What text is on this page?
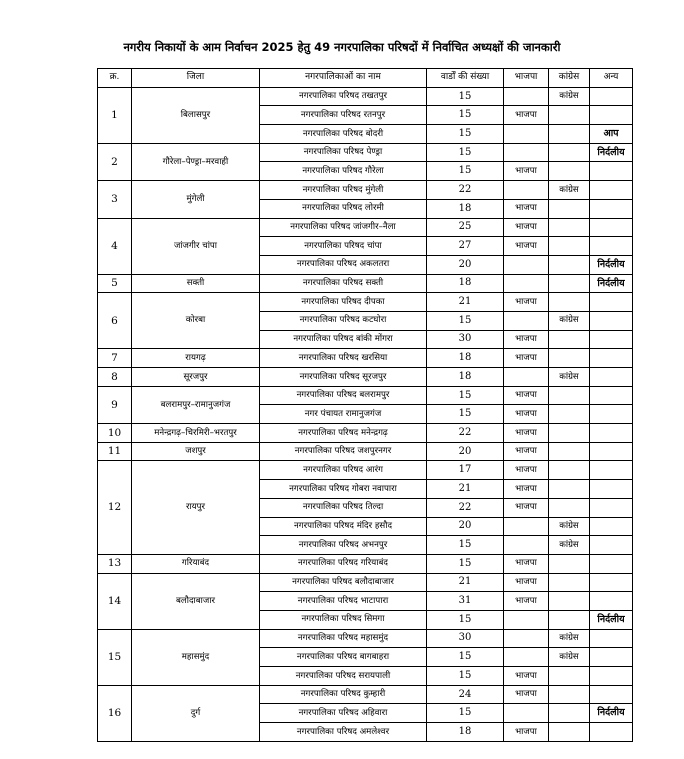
नगरीय निकायों के आम निर्वाचन 2025 हेतु 49 नगरपालिका परिषदों में निर्वाचित अध्यक्षों की जानकारी
क्र.	जिला	नगरपालिकाओं का नाम	वार्डों की संख्या	भाजपा	कांग्रेस	अन्य
1	बिलासपुर	नगरपालिका परिषद तखतपुर	15		कांग्रेस	
		नगरपालिका परिषद रतनपुर	15	भाजपा		
		नगरपालिका परिषद बोदरी	15			आप
2	गौरेला–पेण्ड्रा–मरवाही	नगरपालिका परिषद पेण्ड्रा	15			निर्दलीय
		नगरपालिका परिषद गौरेला	15	भाजपा		
3	मुंगेली	नगरपालिका परिषद मुंगेली	22		कांग्रेस	
		नगरपालिका परिषद लोरमी	18	भाजपा		
4	जांजगीर चांपा	नगरपालिका परिषद जांजगीर–नैला	25	भाजपा		
		नगरपालिका परिषद चांपा	27	भाजपा		
		नगरपालिका परिषद अकलतरा	20			निर्दलीय
5	सक्ती	नगरपालिका परिषद सक्ती	18			निर्दलीय
6	कोरबा	नगरपालिका परिषद दीपका	21	भाजपा		
		नगरपालिका परिषद कटघोरा	15		कांग्रेस	
		नगरपालिका परिषद बांकी मोंगरा	30	भाजपा		
7	रायगढ़	नगरपालिका परिषद खरसिया	18	भाजपा		
8	सूरजपुर	नगरपालिका परिषद सूरजपुर	18		कांग्रेस	
9	बलरामपुर–रामानुजगंज	नगरपालिका परिषद बलरामपुर	15	भाजपा		
		नगर पंचायत रामानुजगंज	15	भाजपा		
10	मनेन्द्रगढ़–चिरमिरी–भरतपुर	नगरपालिका परिषद मनेन्द्रगढ़	22	भाजपा		
11	जशपुर	नगरपालिका परिषद जशपुरनगर	20	भाजपा		
12	रायपुर	नगरपालिका परिषद आरंग	17	भाजपा		
		नगरपालिका परिषद गोबरा नवापारा	21	भाजपा		
		नगरपालिका परिषद तिल्दा	22	भाजपा		
		नगरपालिका परिषद मंदिर हसौद	20		कांग्रेस	
		नगरपालिका परिषद अभनपुर	15		कांग्रेस	
13	गरियाबंद	नगरपालिका परिषद गरियाबंद	15	भाजपा		
14	बलौदाबाजार	नगरपालिका परिषद बलौदाबाजार	21	भाजपा		
		नगरपालिका परिषद भाटापारा	31	भाजपा		
		नगरपालिका परिषद सिमगा	15			निर्दलीय
15	महासमुंद	नगरपालिका परिषद महासमुंद	30		कांग्रेस	
		नगरपालिका परिषद बागबाहरा	15		कांग्रेस	
		नगरपालिका परिषद सरायपाली	15	भाजपा		
16	दुर्ग	नगरपालिका परिषद कुम्हारी	24	भाजपा		
		नगरपालिका परिषद अहिवारा	15			निर्दलीय
		नगरपालिका परिषद अमलेश्वर	18	भाजपा		
